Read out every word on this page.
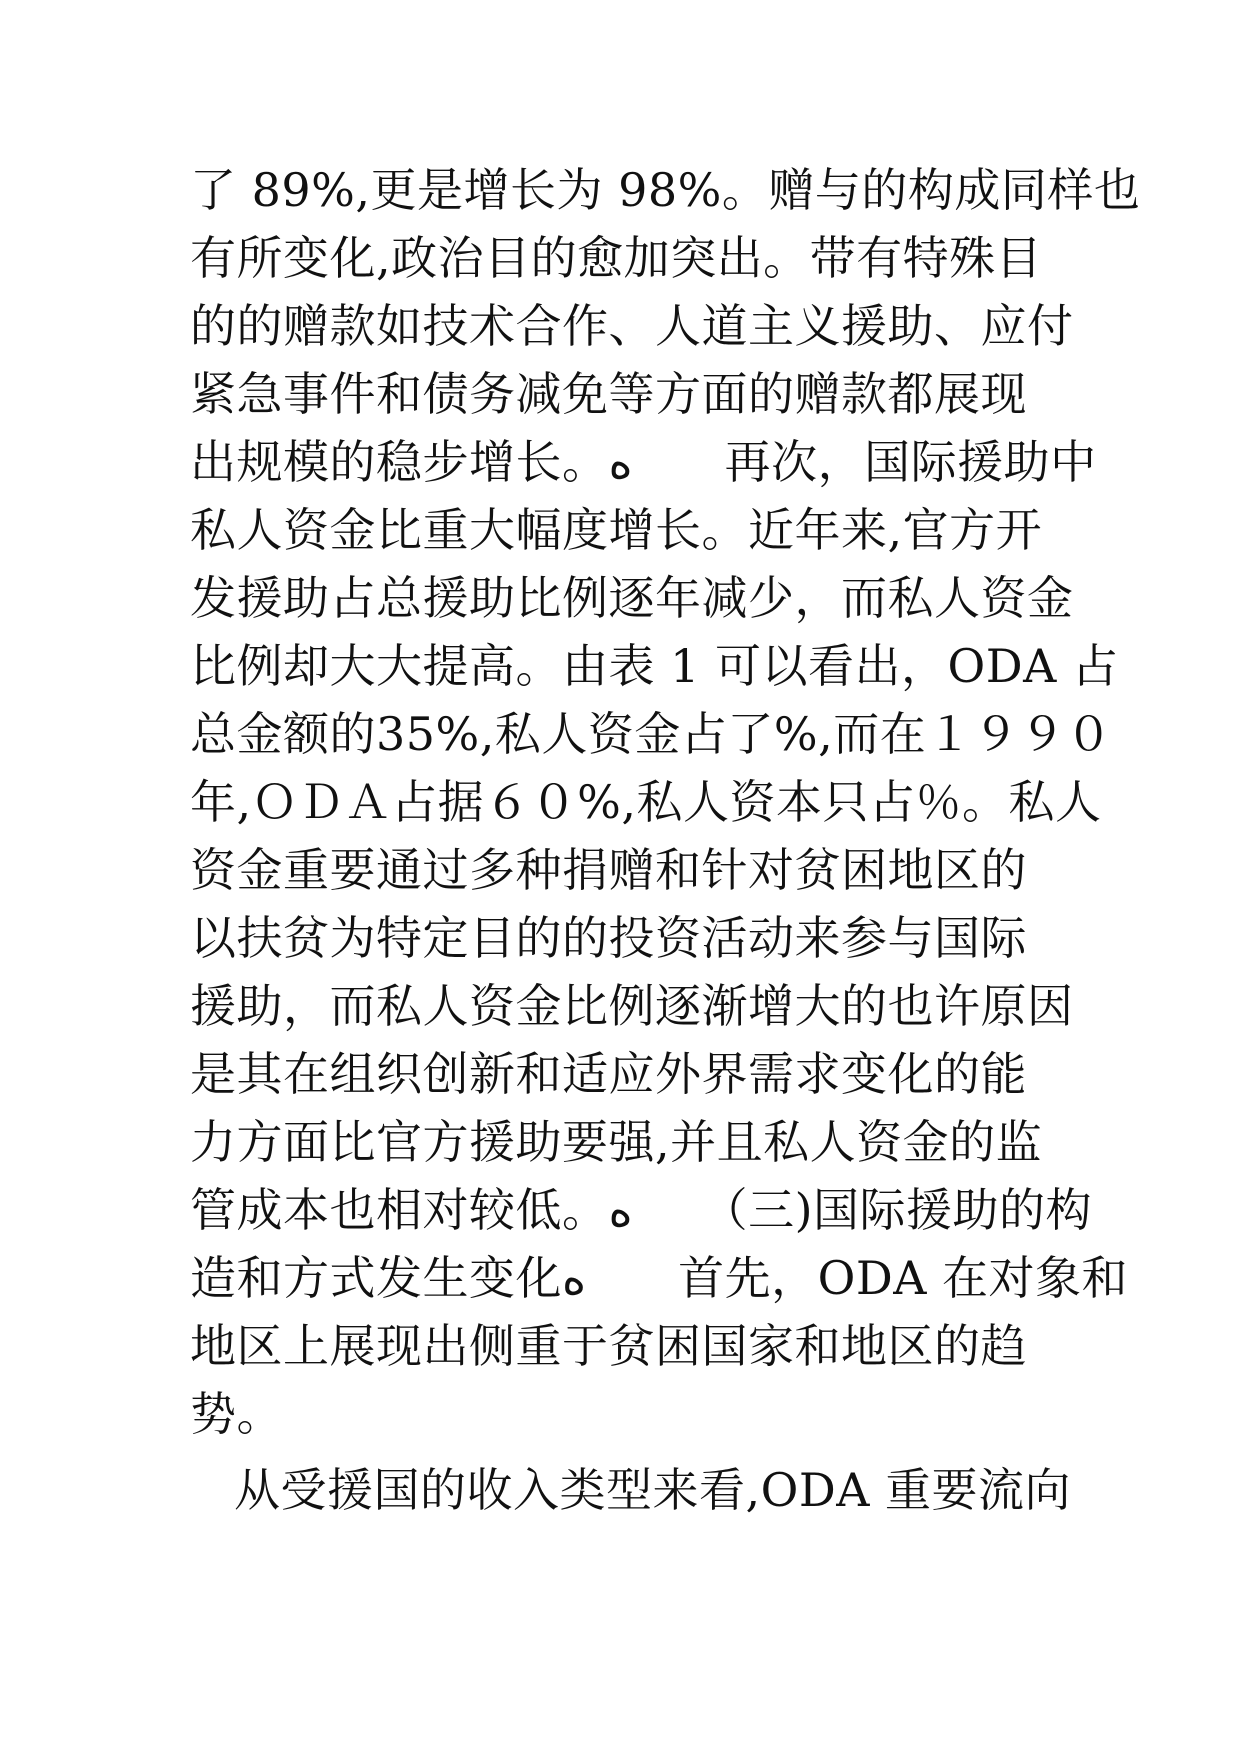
了 89%,更是增长为 98%。赠与的构成同样也
有所变化,政治目的愈加突出。带有特殊目
的的赠款如技术合作、人道主义援助、应付
紧急事件和债务减免等方面的赠款都展现
出规模的稳步增长。ه　　再次，国际援助中
私人资金比重大幅度增长。近年来,官方开
发援助占总援助比例逐年减少，而私人资金
比例却大大提高。由表 1 可以看出，ODA 占
总金额的35%,私人资金占了%,而在１９９０
年,ＯＤＡ占据６０%,私人资本只占％。私人
资金重要通过多种捐赠和针对贫困地区的
以扶贫为特定目的的投资活动来参与国际
援助，而私人资金比例逐渐增大的也许原因
是其在组织创新和适应外界需求变化的能
力方面比官方援助要强,并且私人资金的监
管成本也相对较低。ه　　（三)国际援助的构
造和方式发生变化ه　　首先，ODA 在对象和
地区上展现出侧重于贫困国家和地区的趋
势。
从受援国的收入类型来看,ODA 重要流向
